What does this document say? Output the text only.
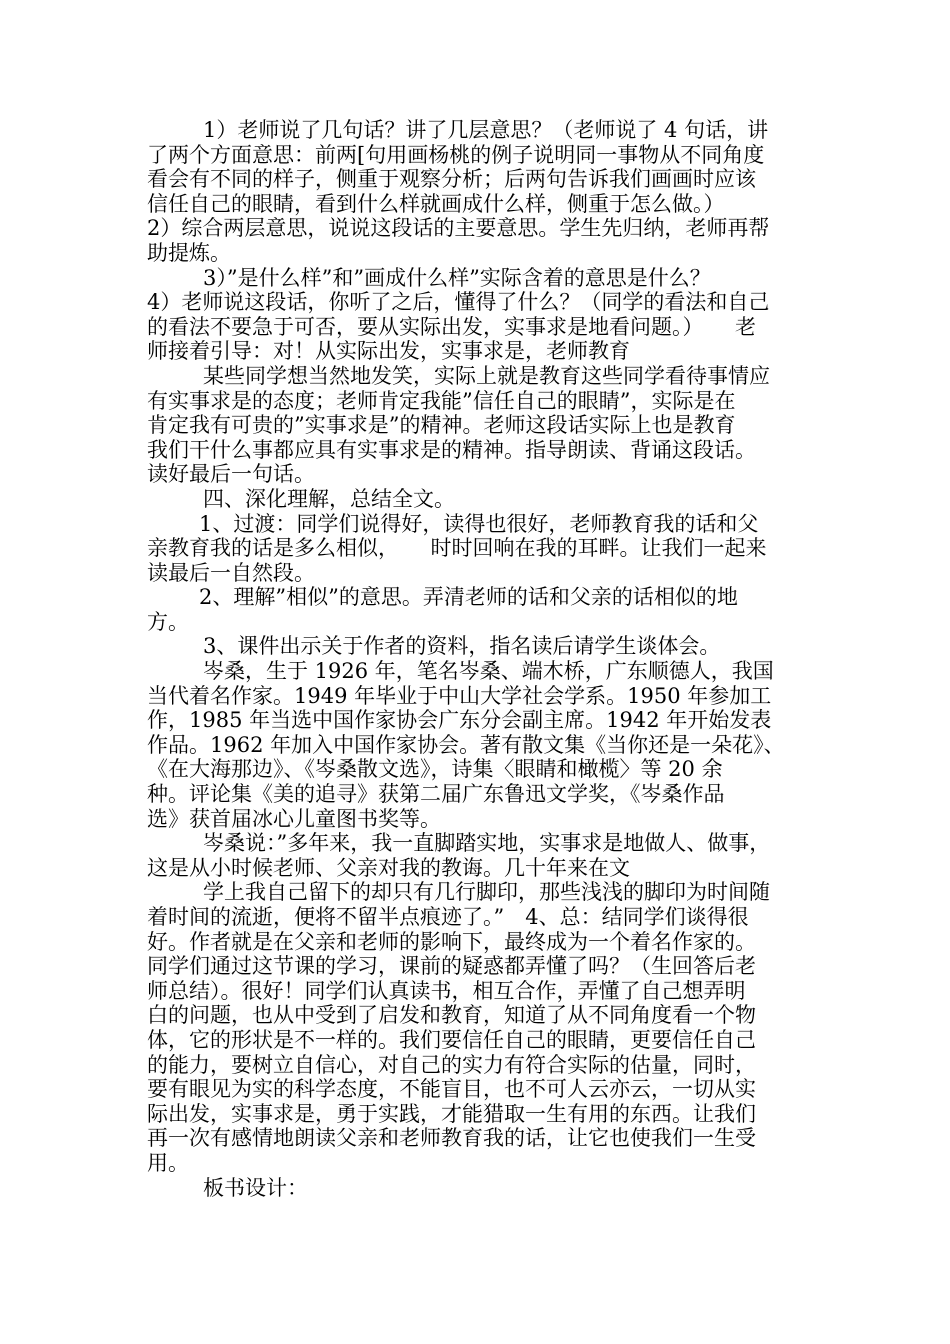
1）老师说了几句话？讲了几层意思？（老师说了 4 句话，讲
了两个方面意思：前两[句用画杨桃的例子说明同一事物从不同角度
看会有不同的样子，侧重于观察分析；后两句告诉我们画画时应该
信任自己的眼睛，看到什么样就画成什么样，侧重于怎么做。）
2）综合两层意思，说说这段话的主要意思。学生先归纳，老师再帮
助提炼。
3）”是什么样”和”画成什么样”实际含着的意思是什么？
4）老师说这段话，你听了之后，懂得了什么？（同学的看法和自己
的看法不要急于可否，要从实际出发，实事求是地看问题。）　　老
师接着引导：对！从实际出发，实事求是，老师教育
某些同学想当然地发笑，实际上就是教育这些同学看待事情应
有实事求是的态度；老师肯定我能”信任自己的眼睛”，实际是在
肯定我有可贵的”实事求是”的精神。老师这段话实际上也是教育
我们干什么事都应具有实事求是的精神。指导朗读、背诵这段话。
读好最后一句话。
四、深化理解，总结全文。
1、过渡：同学们说得好，读得也很好，老师教育我的话和父
亲教育我的话是多么相似，　　时时回响在我的耳畔。让我们一起来
读最后一自然段。
2、理解”相似”的意思。弄清老师的话和父亲的话相似的地
方。
3、课件出示关于作者的资料，指名读后请学生谈体会。
岑桑，生于 1926 年，笔名岑桑、端木桥，广东顺德人，我国
当代着名作家。1949 年毕业于中山大学社会学系。1950 年参加工
作，1985 年当选中国作家协会广东分会副主席。1942 年开始发表
作品。1962 年加入中国作家协会。著有散文集《当你还是一朵花》、
《在大海那边》、《岑桑散文选》，诗集〈眼睛和橄榄〉等 20 余
种。评论集《美的追寻》获第二届广东鲁迅文学奖，《岑桑作品
选》获首届冰心儿童图书奖等。
岑桑说：”多年来，我一直脚踏实地，实事求是地做人、做事，
这是从小时候老师、父亲对我的教诲。几十年来在文
学上我自己留下的却只有几行脚印，那些浅浅的脚印为时间随
着时间的流逝，便将不留半点痕迹了。”　4、总：结同学们谈得很
好。作者就是在父亲和老师的影响下，最终成为一个着名作家的。
同学们通过这节课的学习，课前的疑惑都弄懂了吗？（生回答后老
师总结）。很好！同学们认真读书，相互合作，弄懂了自己想弄明
白的问题，也从中受到了启发和教育，知道了从不同角度看一个物
体，它的形状是不一样的。我们要信任自己的眼睛，更要信任自己
的能力，要树立自信心，对自己的实力有符合实际的估量，同时，
要有眼见为实的科学态度，不能盲目，也不可人云亦云，一切从实
际出发，实事求是，勇于实践，才能猎取一生有用的东西。让我们
再一次有感情地朗读父亲和老师教育我的话，让它也使我们一生受
用。
板书设计：
